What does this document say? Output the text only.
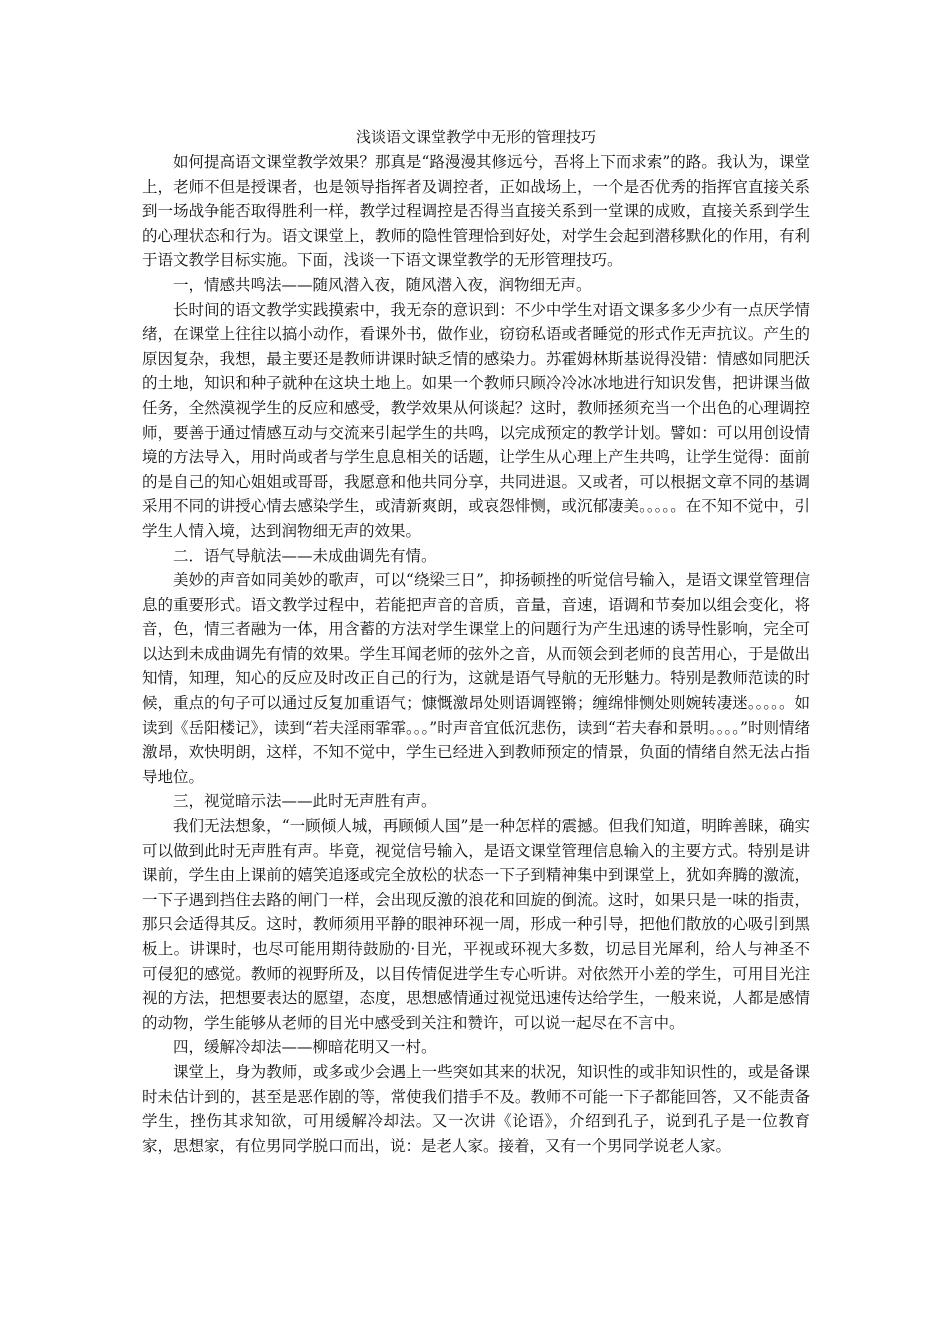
浅谈语文课堂教学中无形的管理技巧

如何提高语文课堂教学效果？那真是“路漫漫其修远兮，吾将上下而求索”的路。我认为，课堂上，老师不但是授课者，也是领导指挥者及调控者，正如战场上，一个是否优秀的指挥官直接关系到一场战争能否取得胜利一样，教学过程调控是否得当直接关系到一堂课的成败，直接关系到学生的心理状态和行为。语文课堂上，教师的隐性管理恰到好处，对学生会起到潜移默化的作用，有利于语文教学目标实施。下面，浅谈一下语文课堂教学的无形管理技巧。

一，情感共鸣法——随风潜入夜，随风潜入夜，润物细无声。

长时间的语文教学实践摸索中，我无奈的意识到：不少中学生对语文课多多少少有一点厌学情绪，在课堂上往往以搞小动作，看课外书，做作业，窃窃私语或者睡觉的形式作无声抗议。产生的原因复杂，我想，最主要还是教师讲课时缺乏情的感染力。苏霍姆林斯基说得没错：情感如同肥沃的土地，知识和种子就种在这块土地上。如果一个教师只顾冷冷冰冰地进行知识发售，把讲课当做任务，全然漠视学生的反应和感受，教学效果从何谈起？这时，教师拯须充当一个出色的心理调控师，要善于通过情感互动与交流来引起学生的共鸣，以完成预定的教学计划。譬如：可以用创设情境的方法导入，用时尚或者与学生息息相关的话题，让学生从心理上产生共鸣，让学生觉得：面前的是自己的知心姐姐或哥哥，我愿意和他共同分享，共同进退。又或者，可以根据文章不同的基调采用不同的讲授心情去感染学生，或清新爽朗，或哀怨悱恻，或沉郁凄美。。。。。在不知不觉中，引学生人情入境，达到润物细无声的效果。

二．语气导航法——未成曲调先有情。

美妙的声音如同美妙的歌声，可以“绕梁三日”，抑扬顿挫的听觉信号输入，是语文课堂管理信息的重要形式。语文教学过程中，若能把声音的音质，音量，音速，语调和节奏加以组会变化，将音，色，情三者融为一体，用含蓄的方法对学生课堂上的问题行为产生迅速的诱导性影响，完全可以达到未成曲调先有情的效果。学生耳闻老师的弦外之音，从而领会到老师的良苦用心，于是做出知情，知理，知心的反应及时改正自己的行为，这就是语气导航的无形魅力。特别是教师范读的时候，重点的句子可以通过反复加重语气；慷慨激昂处则语调铿锵；缠绵悱恻处则婉转凄迷。。。。。如读到《岳阳楼记》，读到“若夫淫雨霏霏。。。”时声音宜低沉悲伤，读到“若夫春和景明。。。。”时则情绪激昂，欢快明朗，这样，不知不觉中，学生已经进入到教师预定的情景，负面的情绪自然无法占指导地位。

三，视觉暗示法——此时无声胜有声。

我们无法想象，“一顾倾人城，再顾倾人国”是一种怎样的震撼。但我们知道，明眸善睐，确实可以做到此时无声胜有声。毕竟，视觉信号输入，是语文课堂管理信息输入的主要方式。特别是讲课前，学生由上课前的嬉笑追逐或完全放松的状态一下子到精神集中到课堂上，犹如奔腾的激流，一下子遇到挡住去路的闸门一样，会出现反激的浪花和回旋的倒流。这时，如果只是一味的指责，那只会适得其反。这时，教师须用平静的眼神环视一周，形成一种引导，把他们散放的心吸引到黑板上。讲课时，也尽可能用期待鼓励的·目光，平视或环视大多数，切忌目光犀利，给人与神圣不可侵犯的感觉。教师的视野所及，以目传情促进学生专心听讲。对依然开小差的学生，可用目光注视的方法，把想要表达的愿望，态度，思想感情通过视觉迅速传达给学生，一般来说，人都是感情的动物，学生能够从老师的目光中感受到关注和赞许，可以说一起尽在不言中。

四，缓解冷却法——柳暗花明又一村。

课堂上，身为教师，或多或少会遇上一些突如其来的状况，知识性的或非知识性的，或是备课时未估计到的，甚至是恶作剧的等，常使我们措手不及。教师不可能一下子都能回答，又不能责备学生，挫伤其求知欲，可用缓解冷却法。又一次讲《论语》，介绍到孔子，说到孔子是一位教育家，思想家，有位男同学脱口而出，说：是老人家。接着，又有一个男同学说老人家。
